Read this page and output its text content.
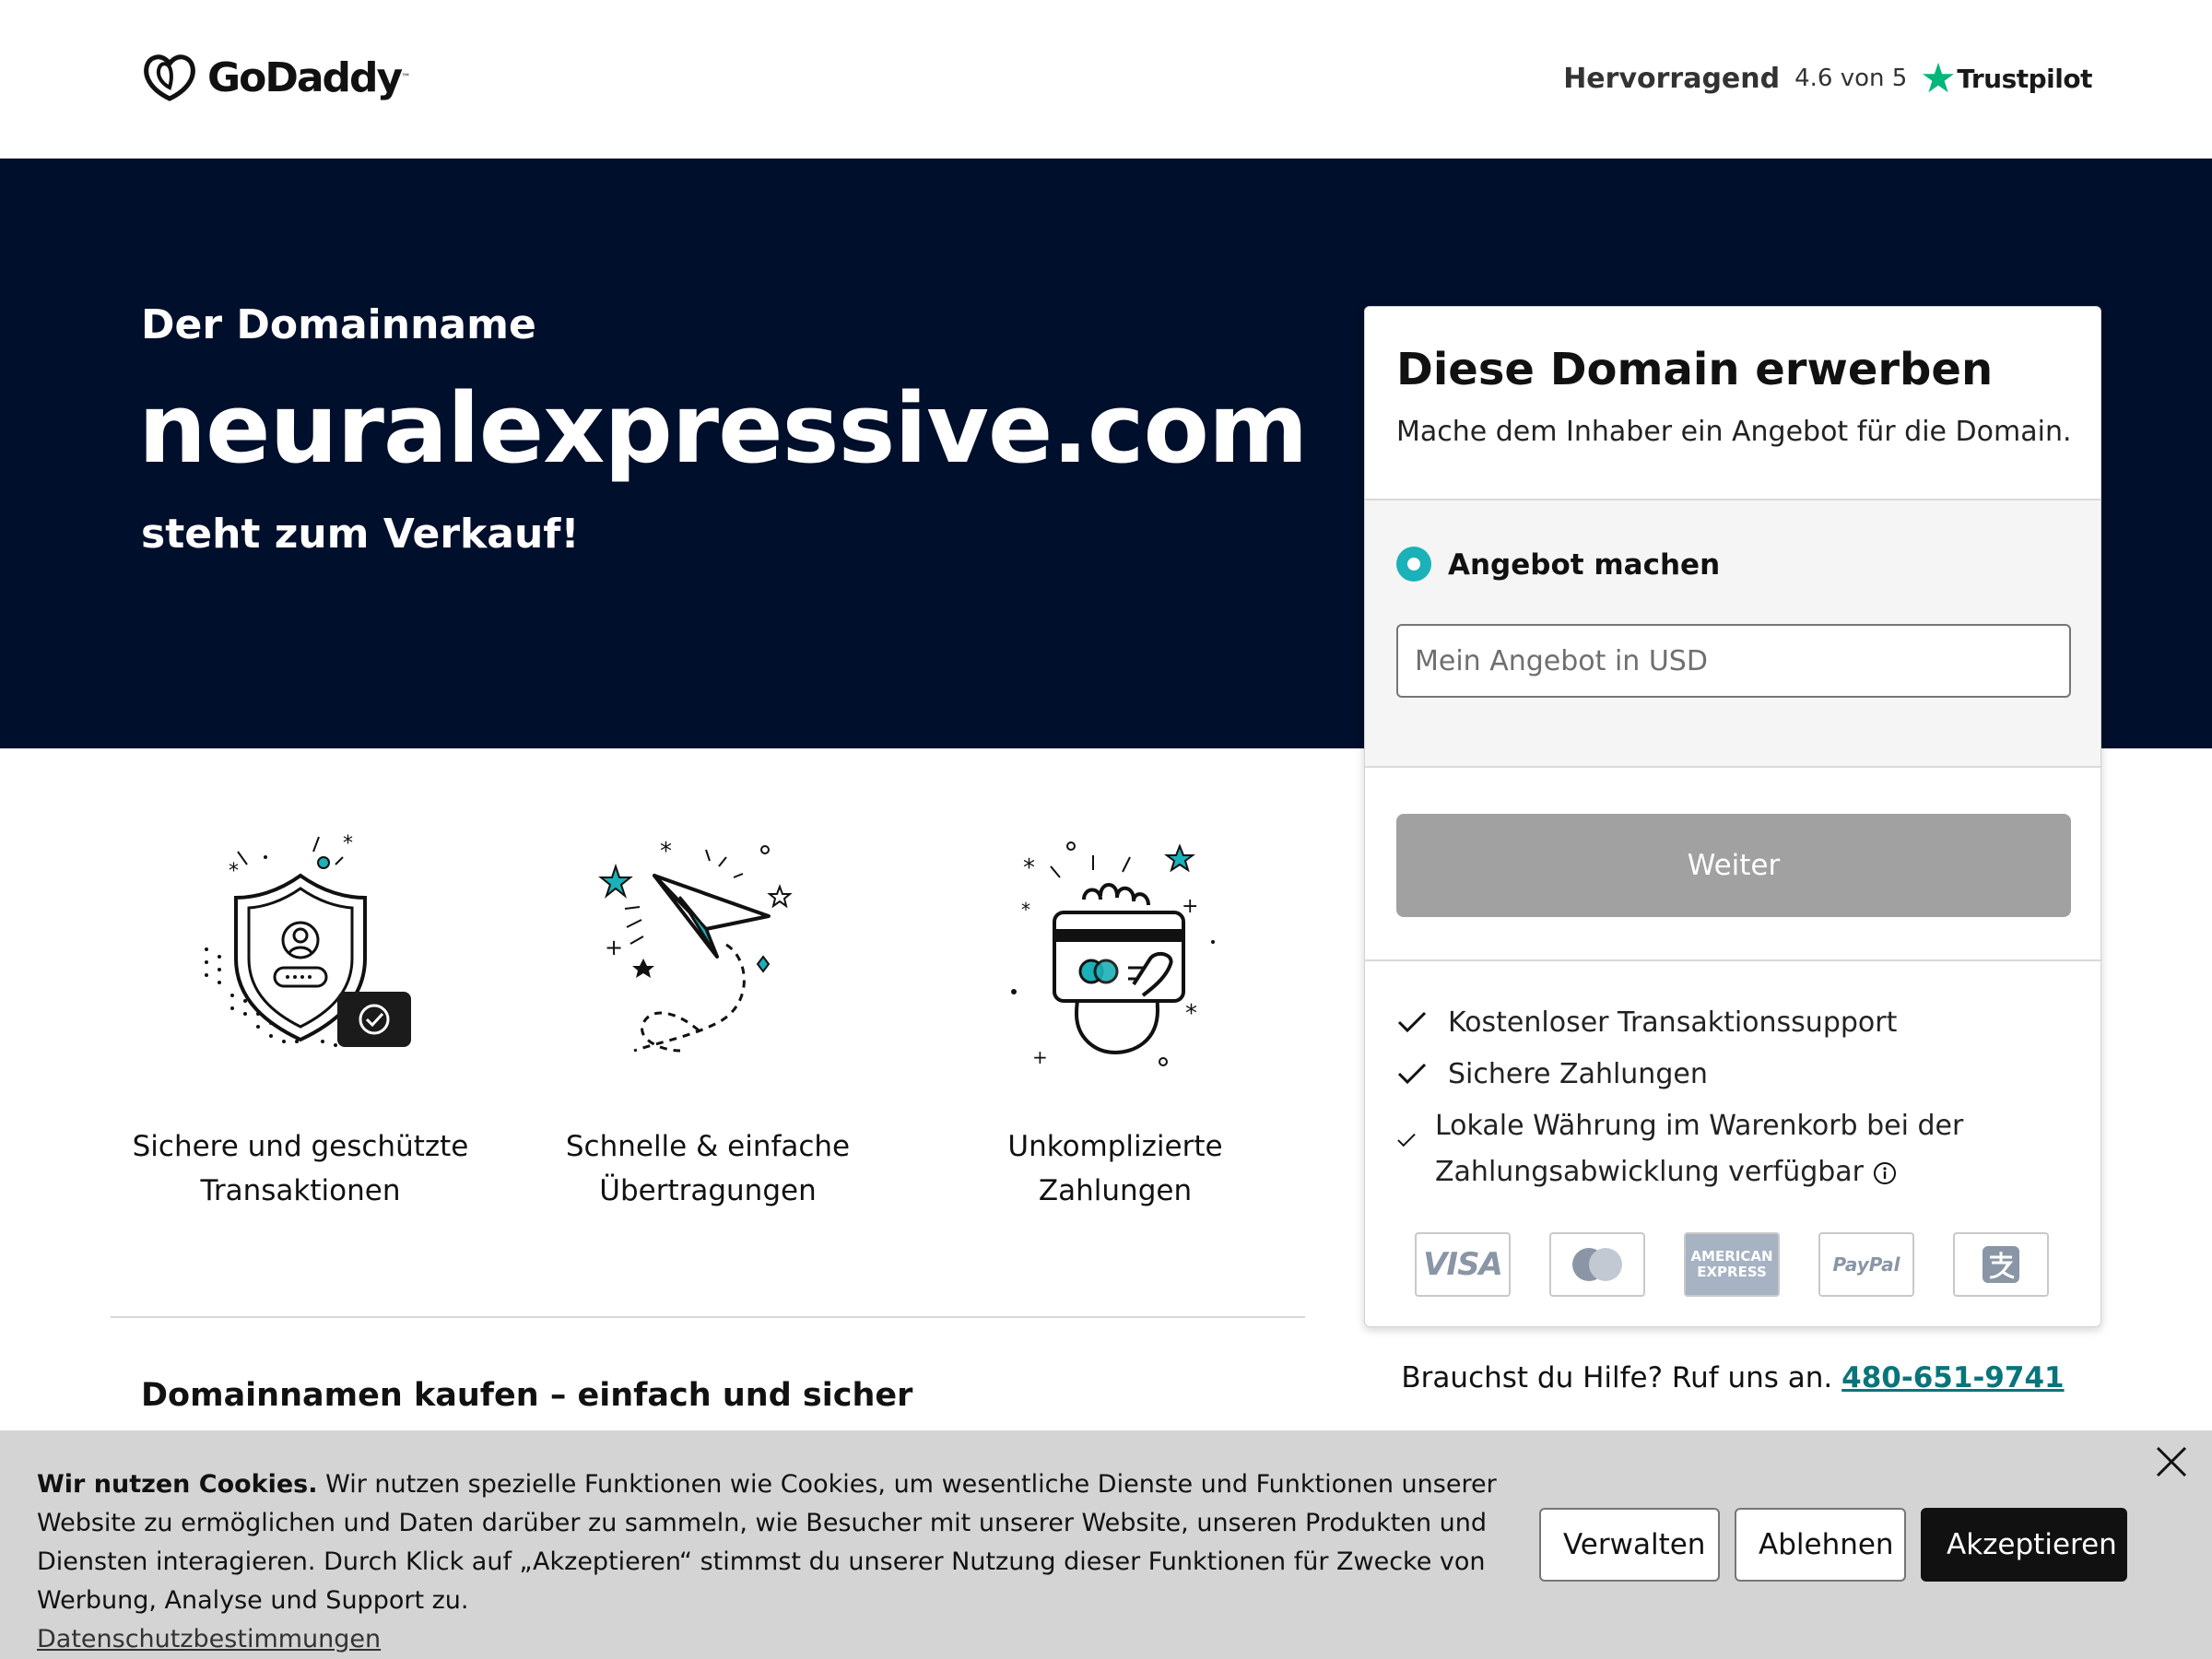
GoDaddy ™	Hervorragend 4.6 von 5 Trustpilot
Der Domainname
neuralexpressive.com
steht zum Verkauf!
*
*
Sichere und geschützte Transaktionen
*
+
Schnelle & einfache Übertragungen
*
*
+
*
+
Unkomplizierte Zahlungen
Domainnamen kaufen – einfach und sicher
Diese Domain erwerben
Mache dem Inhaber ein Angebot für die Domain.
Angebot machen
Mein Angebot in USD
Weiter
Kostenloser Transaktionssupport
Sichere Zahlungen
Lokale Währung im Warenkorb bei der Zahlungsabwicklung verfügbar
VISA	AMERICAN EXPRESS	PayPal
Brauchst du Hilfe? Ruf uns an. 480-651-9741
Wir nutzen Cookies. Wir nutzen spezielle Funktionen wie Cookies, um wesentliche Dienste und Funktionen unserer Website zu ermöglichen und Daten darüber zu sammeln, wie Besucher mit unserer Website, unseren Produkten und Diensten interagieren. Durch Klick auf „Akzeptieren“ stimmst du unserer Nutzung dieser Funktionen für Zwecke von Werbung, Analyse und Support zu.
Datenschutzbestimmungen
Verwalten	Ablehnen	Akzeptieren
